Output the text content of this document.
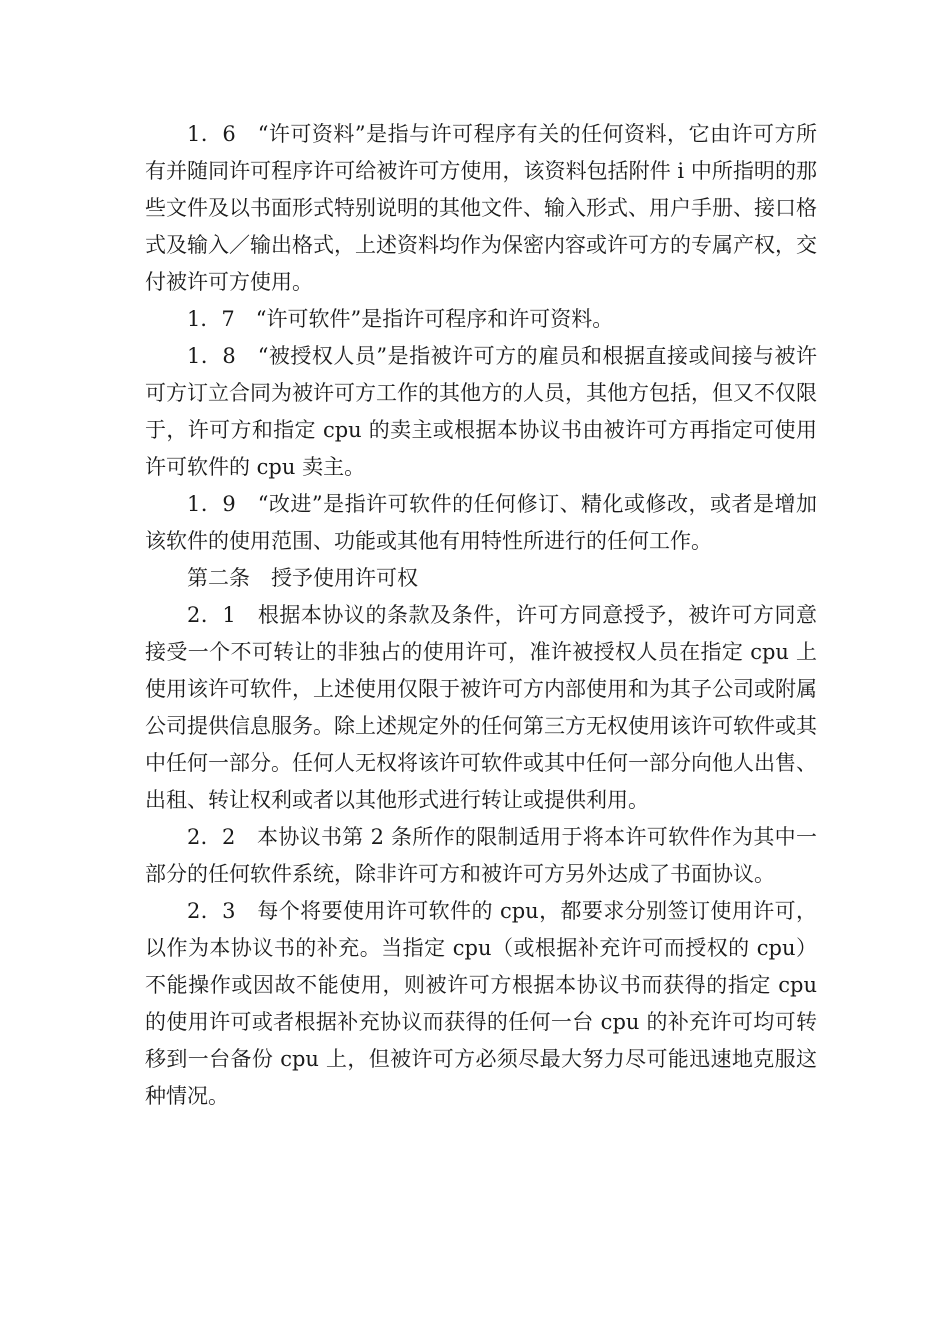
1．6　“许可资料”是指与许可程序有关的任何资料，它由许可方所有并随同许可程序许可给被许可方使用，该资料包括附件 i 中所指明的那些文件及以书面形式特别说明的其他文件、输入形式、用户手册、接口格式及输入／输出格式，上述资料均作为保密内容或许可方的专属产权，交付被许可方使用。

1．7　“许可软件”是指许可程序和许可资料。

1．8　“被授权人员”是指被许可方的雇员和根据直接或间接与被许可方订立合同为被许可方工作的其他方的人员，其他方包括，但又不仅限于，许可方和指定 cpu 的卖主或根据本协议书由被许可方再指定可使用许可软件的 cpu 卖主。

1．9　“改进”是指许可软件的任何修订、精化或修改，或者是增加该软件的使用范围、功能或其他有用特性所进行的任何工作。

第二条　授予使用许可权

2．1　根据本协议的条款及条件，许可方同意授予，被许可方同意接受一个不可转让的非独占的使用许可，准许被授权人员在指定 cpu 上使用该许可软件，上述使用仅限于被许可方内部使用和为其子公司或附属公司提供信息服务。除上述规定外的任何第三方无权使用该许可软件或其中任何一部分。任何人无权将该许可软件或其中任何一部分向他人出售、出租、转让权利或者以其他形式进行转让或提供利用。

2．2　本协议书第 2 条所作的限制适用于将本许可软件作为其中一部分的任何软件系统，除非许可方和被许可方另外达成了书面协议。

2．3　每个将要使用许可软件的 cpu，都要求分别签订使用许可，以作为本协议书的补充。当指定 cpu（或根据补充许可而授权的 cpu）不能操作或因故不能使用，则被许可方根据本协议书而获得的指定 cpu 的使用许可或者根据补充协议而获得的任何一台 cpu 的补充许可均可转移到一台备份 cpu 上，但被许可方必须尽最大努力尽可能迅速地克服这种情况。
